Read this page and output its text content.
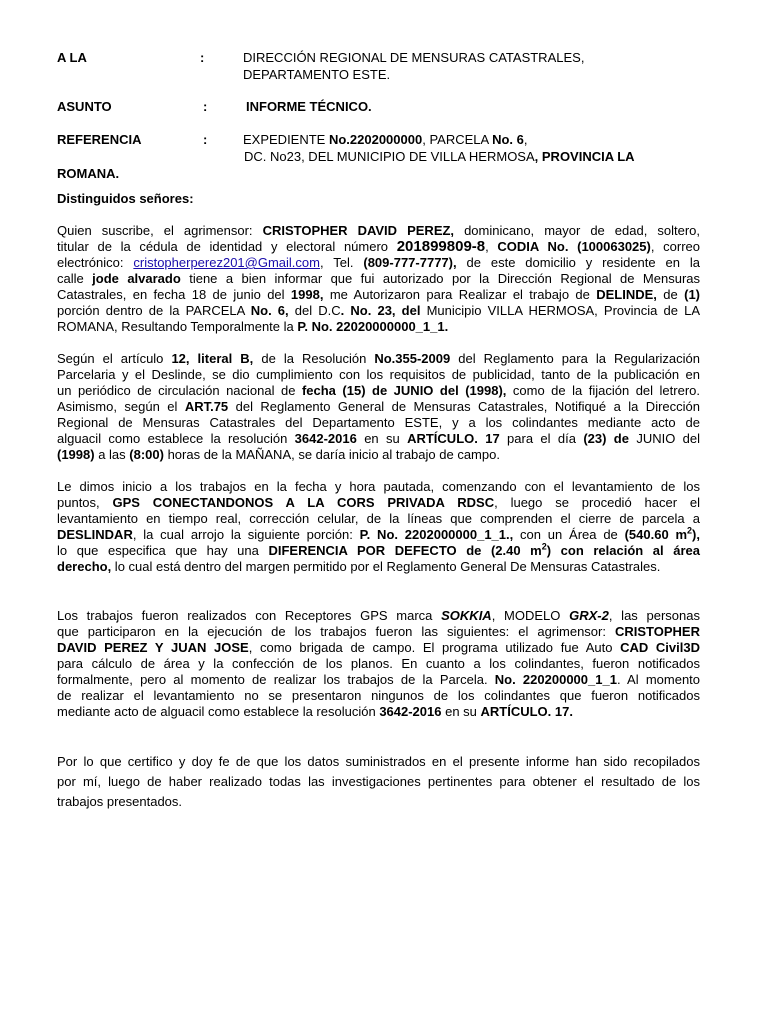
A LA	:	DIRECCIÓN REGIONAL DE MENSURAS CATASTRALES,
DEPARTAMENTO ESTE.
ASUNTO	:	INFORME TÉCNICO.
REFERENCIA	:	EXPEDIENTE No.2202000000, PARCELA No. 6,
DC. No23, DEL MUNICIPIO DE VILLA HERMOSA, PROVINCIA LA
ROMANA.
Distinguidos señores:
Quien suscribe, el agrimensor: CRISTOPHER DAVID PEREZ, dominicano, mayor de edad, soltero,
titular de la cédula de identidad y electoral número 201899809-8, CODIA No. (100063025), correo
electrónico: cristopherperez201@Gmail.com, Tel. (809-777-7777), de este domicilio y residente en la
calle jode alvarado tiene a bien informar que fui autorizado por la Dirección Regional de Mensuras
Catastrales, en fecha 18 de junio del 1998, me Autorizaron para Realizar el trabajo de DELINDE, de (1)
porción dentro de la PARCELA No. 6, del D.C. No. 23, del Municipio VILLA HERMOSA, Provincia de LA
ROMANA, Resultando Temporalmente la P. No. 22020000000_1_1.
Según el artículo 12, literal B, de la Resolución No.355-2009 del Reglamento para la Regularización
Parcelaria y el Deslinde, se dio cumplimiento con los requisitos de publicidad, tanto de la publicación en
un periódico de circulación nacional de fecha (15) de JUNIO del (1998), como de la fijación del letrero.
Asimismo, según el ART.75 del Reglamento General de Mensuras Catastrales, Notifiqué a la Dirección
Regional de Mensuras Catastrales del Departamento ESTE, y a los colindantes mediante acto de
alguacil como establece la resolución 3642-2016 en su ARTÍCULO. 17 para el día (23) de JUNIO del
(1998) a las (8:00) horas de la MAÑANA, se daría inicio al trabajo de campo.
Le dimos inicio a los trabajos en la fecha y hora pautada, comenzando con el levantamiento de los
puntos, GPS CONECTANDONOS A LA CORS PRIVADA RDSC, luego se procedió hacer el
levantamiento en tiempo real, corrección celular, de la líneas que comprenden el cierre de parcela a
DESLINDAR, la cual arrojo la siguiente porción: P. No. 2202000000_1_1., con un Área de (540.60 $m^2$),
lo que especifica que hay una DIFERENCIA POR DEFECTO de (2.40 $m^2$) con relación al área
derecho, lo cual está dentro del margen permitido por el Reglamento General De Mensuras Catastrales.
Los trabajos fueron realizados con Receptores GPS marca SOKKIA, MODELO GRX-2, las personas
que participaron en la ejecución de los trabajos fueron las siguientes: el agrimensor: CRISTOPHER
DAVID PEREZ Y JUAN JOSE, como brigada de campo. El programa utilizado fue Auto CAD Civil3D
para cálculo de área y la confección de los planos. En cuanto a los colindantes, fueron notificados
formalmente, pero al momento de realizar los trabajos de la Parcela. No. 220200000_1_1. Al momento
de realizar el levantamiento no se presentaron ningunos de los colindantes que fueron notificados
mediante acto de alguacil como establece la resolución 3642-2016 en su ARTÍCULO. 17.
Por lo que certifico y doy fe de que los datos suministrados en el presente informe han sido recopilados
por mí, luego de haber realizado todas las investigaciones pertinentes para obtener el resultado de los
trabajos presentados.
